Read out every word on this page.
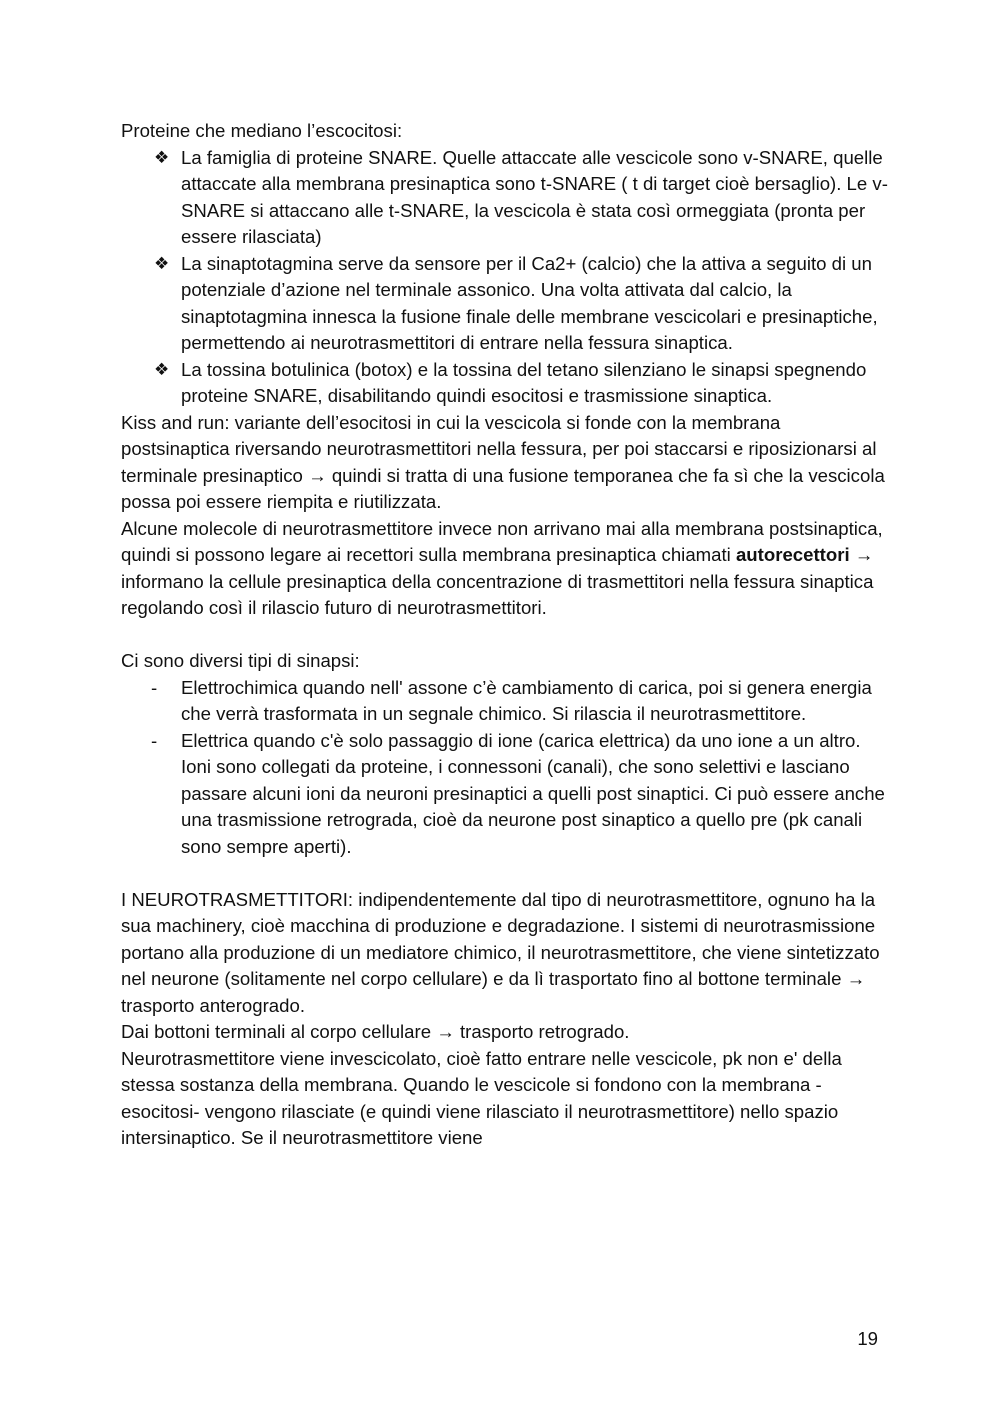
Proteine che mediano l’escocitosi:

❖ La famiglia di proteine SNARE. Quelle attaccate alle vescicole sono v-SNARE, quelle attaccate alla membrana presinaptica sono t-SNARE ( t di target cioè bersaglio). Le v-SNARE si attaccano alle t-SNARE, la vescicola è stata così ormeggiata (pronta per essere rilasciata)
❖ La sinaptotagmina serve da sensore per il Ca2+ (calcio) che la attiva a seguito di un potenziale d’azione nel terminale assonico. Una volta attivata dal calcio, la sinaptotagmina innesca la fusione finale delle membrane vescicolari e presinaptiche, permettendo ai neurotrasmettitori di entrare nella fessura sinaptica.
❖ La tossina botulinica (botox) e la tossina del tetano silenziano le sinapsi spegnendo proteine SNARE, disabilitando quindi esocitosi e trasmissione sinaptica.

Kiss and run: variante dell’esocitosi in cui la vescicola si fonde con la membrana postsinaptica riversando neurotrasmettitori nella fessura, per poi staccarsi e riposizionarsi al terminale presinaptico → quindi si tratta di una fusione temporanea che fa sì che la vescicola possa poi essere riempita e riutilizzata.

Alcune molecole di neurotrasmettitore invece non arrivano mai alla membrana postsinaptica, quindi si possono legare ai recettori sulla membrana presinaptica chiamati autorecettori → informano la cellule presinaptica della concentrazione di trasmettitori nella fessura sinaptica regolando così il rilascio futuro di neurotrasmettitori.

Ci sono diversi tipi di sinapsi:

- Elettrochimica quando nell' assone c’è cambiamento di carica, poi si genera energia che verrà trasformata in un segnale chimico. Si rilascia il neurotrasmettitore.
- Elettrica quando c'è solo passaggio di ione (carica elettrica) da uno ione a un altro. Ioni sono collegati da proteine, i connessoni (canali), che sono selettivi e lasciano passare alcuni ioni da neuroni presinaptici a quelli post sinaptici. Ci può essere anche una trasmissione retrograda, cioè da neurone post sinaptico a quello pre (pk canali sono sempre aperti).

I NEUROTRASMETTITORI: indipendentemente dal tipo di neurotrasmettitore, ognuno ha la sua machinery, cioè macchina di produzione e degradazione. I sistemi di neurotrasmissione portano alla produzione di un mediatore chimico, il neurotrasmettitore, che viene sintetizzato nel neurone (solitamente nel corpo cellulare) e da lì trasportato fino al bottone terminale → trasporto anterogrado.

Dai bottoni terminali al corpo cellulare → trasporto retrogrado.

Neurotrasmettitore viene invescicolato, cioè fatto entrare nelle vescicole, pk non e' della stessa sostanza della membrana. Quando le vescicole si fondono con la membrana -esocitosi- vengono rilasciate (e quindi viene rilasciato il neurotrasmettitore) nello spazio intersinaptico. Se il neurotrasmettitore viene

19
